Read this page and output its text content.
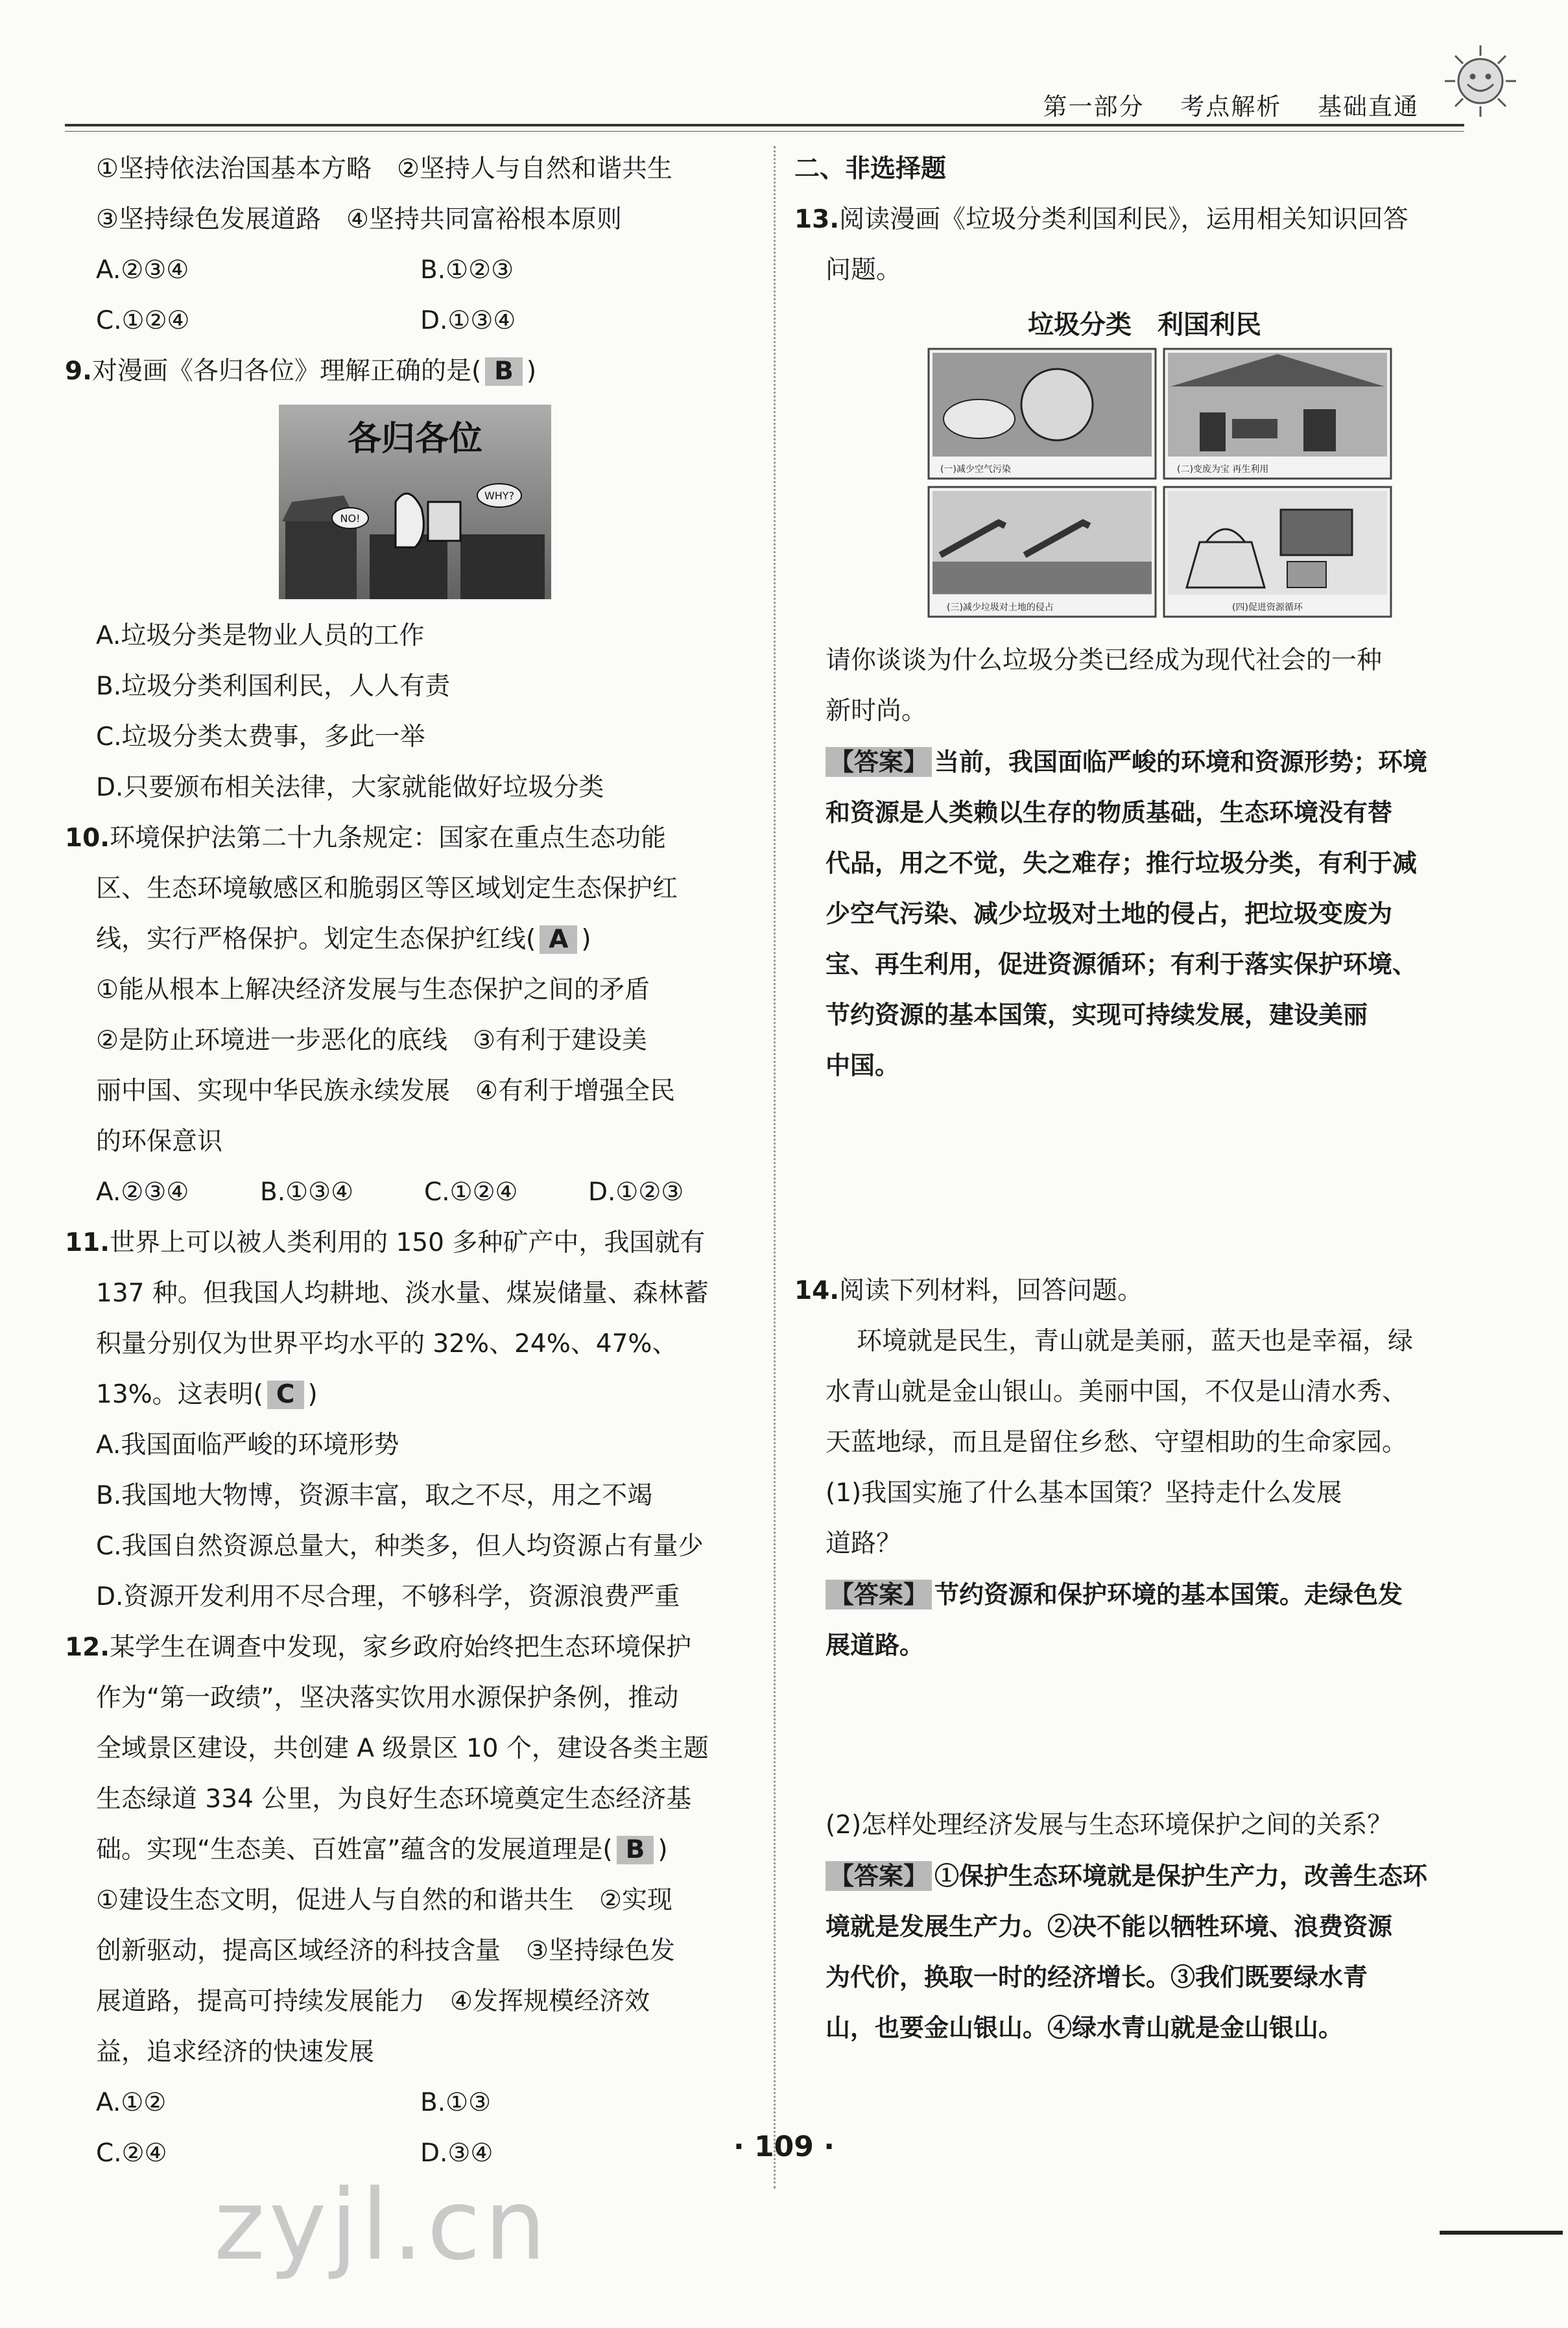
第一部分 考点解析 基础直通
①坚持依法治国基本方略　②坚持人与自然和谐共生
③坚持绿色发展道路　④坚持共同富裕根本原则
A.②③④	B.①②③
C.①②④	D.①③④
9.对漫画《各归各位》理解正确的是( B )
各归各位
NO!
WHY?
A.垃圾分类是物业人员的工作
B.垃圾分类利国利民，人人有责
C.垃圾分类太费事，多此一举
D.只要颁布相关法律，大家就能做好垃圾分类
10.环境保护法第二十九条规定：国家在重点生态功能
区、生态环境敏感区和脆弱区等区域划定生态保护红
线，实行严格保护。划定生态保护红线( A )
①能从根本上解决经济发展与生态保护之间的矛盾
②是防止环境进一步恶化的底线　③有利于建设美
丽中国、实现中华民族永续发展　④有利于增强全民
的环保意识
A.②③④	B.①③④	C.①②④	D.①②③
11.世界上可以被人类利用的 150 多种矿产中，我国就有
137 种。但我国人均耕地、淡水量、煤炭储量、森林蓄
积量分别仅为世界平均水平的 32%、24%、47%、
13%。这表明( C )
A.我国面临严峻的环境形势
B.我国地大物博，资源丰富，取之不尽，用之不竭
C.我国自然资源总量大，种类多，但人均资源占有量少
D.资源开发利用不尽合理，不够科学，资源浪费严重
12.某学生在调查中发现，家乡政府始终把生态环境保护
作为“第一政绩”，坚决落实饮用水源保护条例，推动
全域景区建设，共创建 A 级景区 10 个，建设各类主题
生态绿道 334 公里，为良好生态环境奠定生态经济基
础。实现“生态美、百姓富”蕴含的发展道理是( B )
①建设生态文明，促进人与自然的和谐共生　②实现
创新驱动，提高区域经济的科技含量　③坚持绿色发
展道路，提高可持续发展能力　④发挥规模经济效
益，追求经济的快速发展
A.①②	B.①③
C.②④	D.③④
二、非选择题
13.阅读漫画《垃圾分类利国利民》，运用相关知识回答
问题。
垃圾分类　利国利民
(一)减少空气污染	(二)变废为宝 再生利用
(三)减少垃圾对土地的侵占	(四)促进资源循环
请你谈谈为什么垃圾分类已经成为现代社会的一种
新时尚。
【答案】 当前，我国面临严峻的环境和资源形势；环境
和资源是人类赖以生存的物质基础，生态环境没有替
代品，用之不觉，失之难存；推行垃圾分类，有利于减
少空气污染、减少垃圾对土地的侵占，把垃圾变废为
宝、再生利用，促进资源循环；有利于落实保护环境、
节约资源的基本国策，实现可持续发展，建设美丽
中国。
14.阅读下列材料，回答问题。
环境就是民生，青山就是美丽，蓝天也是幸福，绿
水青山就是金山银山。美丽中国，不仅是山清水秀、
天蓝地绿，而且是留住乡愁、守望相助的生命家园。
(1)我国实施了什么基本国策？坚持走什么发展
道路？
【答案】 节约资源和保护环境的基本国策。走绿色发
展道路。
(2)怎样处理经济发展与生态环境保护之间的关系？
【答案】 ①保护生态环境就是保护生产力，改善生态环
境就是发展生产力。②决不能以牺牲环境、浪费资源
为代价，换取一时的经济增长。③我们既要绿水青
山，也要金山银山。④绿水青山就是金山银山。
· 109 ·
zyjl.cn
